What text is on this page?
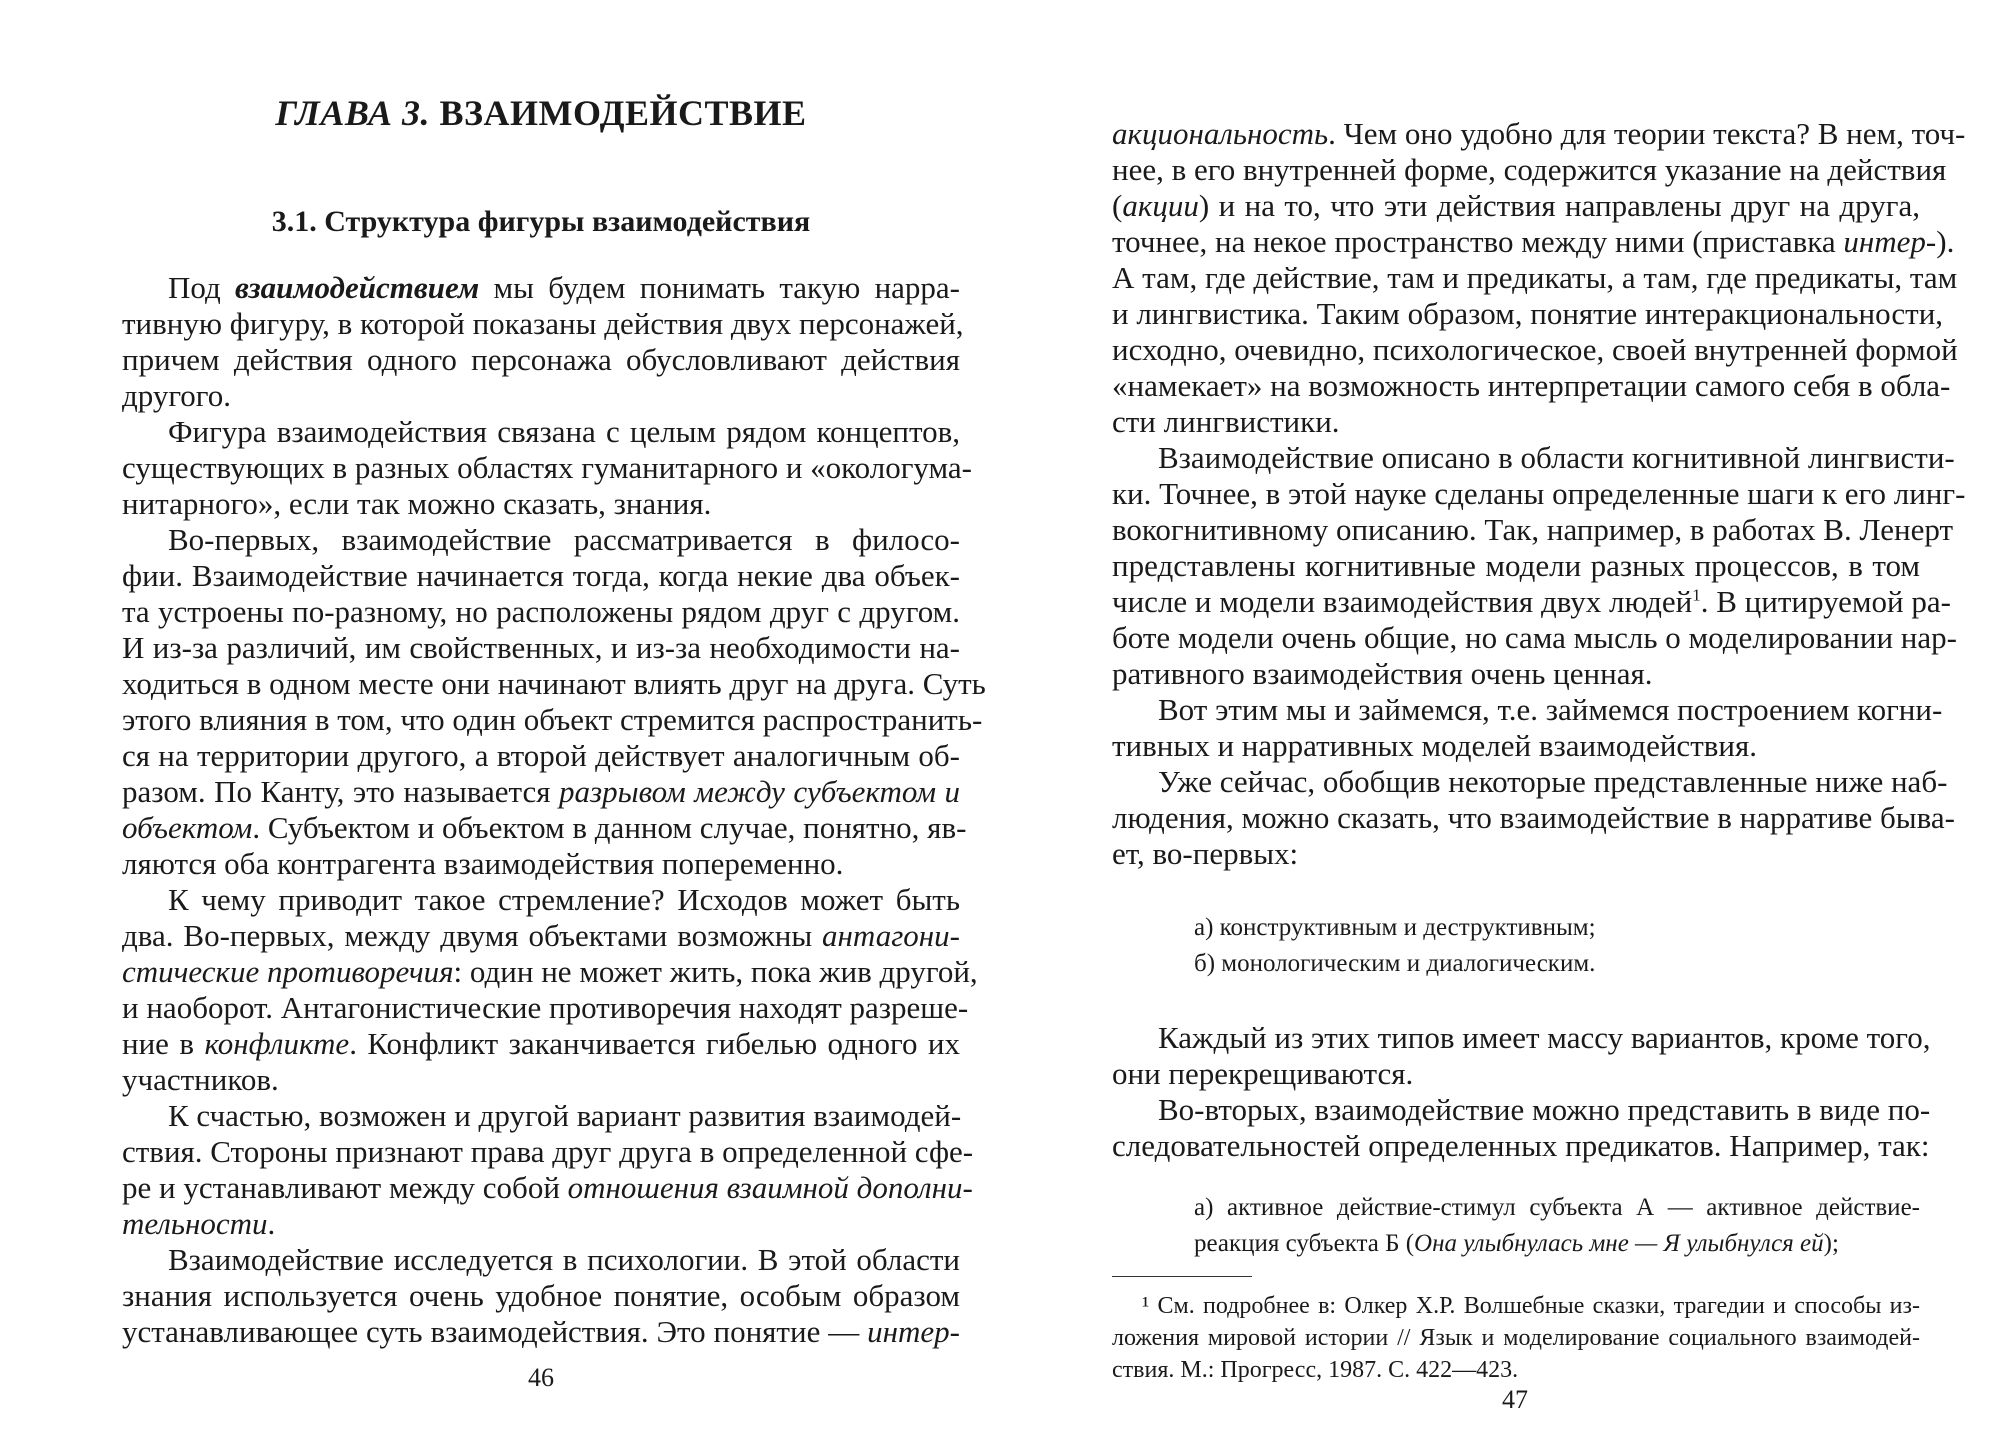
ГЛАВА 3. ВЗАИМОДЕЙСТВИЕ
3.1. Структура фигуры взаимодействия
Под взаимодействием мы будем понимать такую нарра-
тивную фигуру, в которой показаны действия двух персонажей,
причем действия одного персонажа обусловливают действия
другого.
Фигура взаимодействия связана с целым рядом концептов,
существующих в разных областях гуманитарного и «окологума-
нитарного», если так можно сказать, знания.
Во-первых, взаимодействие рассматривается в филосо-
фии. Взаимодействие начинается тогда, когда некие два объек-
та устроены по-разному, но расположены рядом друг с другом.
И из-за различий, им свойственных, и из-за необходимости на-
ходиться в одном месте они начинают влиять друг на друга. Суть
этого влияния в том, что один объект стремится распространить-
ся на территории другого, а второй действует аналогичным об-
разом. По Канту, это называется разрывом между субъектом и
объектом. Субъектом и объектом в данном случае, понятно, яв-
ляются оба контрагента взаимодействия попеременно.
К чему приводит такое стремление? Исходов может быть
два. Во-первых, между двумя объектами возможны антагони-
стические противоречия: один не может жить, пока жив другой,
и наоборот. Антагонистические противоречия находят разреше-
ние в конфликте. Конфликт заканчивается гибелью одного их
участников.
К счастью, возможен и другой вариант развития взаимодей-
ствия. Стороны признают права друг друга в определенной сфе-
ре и устанавливают между собой отношения взаимной дополни-
тельности.
Взаимодействие исследуется в психологии. В этой области
знания используется очень удобное понятие, особым образом
устанавливающее суть взаимодействия. Это понятие — интер-
46
акциональность. Чем оно удобно для теории текста? В нем, точ-
нее, в его внутренней форме, содержится указание на действия
(акции) и на то, что эти действия направлены друг на друга,
точнее, на некое пространство между ними (приставка интер-).
А там, где действие, там и предикаты, а там, где предикаты, там
и лингвистика. Таким образом, понятие интеракциональности,
исходно, очевидно, психологическое, своей внутренней формой
«намекает» на возможность интерпретации самого себя в обла-
сти лингвистики.
Взаимодействие описано в области когнитивной лингвисти-
ки. Точнее, в этой науке сделаны определенные шаги к его линг-
вокогнитивному описанию. Так, например, в работах В. Ленерт
представлены когнитивные модели разных процессов, в том
числе и модели взаимодействия двух людей$^1$. В цитируемой ра-
боте модели очень общие, но сама мысль о моделировании нар-
ративного взаимодействия очень ценная.
Вот этим мы и займемся, т.е. займемся построением когни-
тивных и нарративных моделей взаимодействия.
Уже сейчас, обобщив некоторые представленные ниже наб-
людения, можно сказать, что взаимодействие в нарративе быва-
ет, во-первых:
а) конструктивным и деструктивным;
б) монологическим и диалогическим.
Каждый из этих типов имеет массу вариантов, кроме того,
они перекрещиваются.
Во-вторых, взаимодействие можно представить в виде по-
следовательностей определенных предикатов. Например, так:
а) активное действие-стимул субъекта А — активное действие-
реакция субъекта Б (Она улыбнулась мне — Я улыбнулся ей);
¹ См. подробнее в: Олкер Х.Р. Волшебные сказки, трагедии и способы из-
ложения мировой истории // Язык и моделирование социального взаимодей-
ствия. М.: Прогресс, 1987. С. 422—423.
47
